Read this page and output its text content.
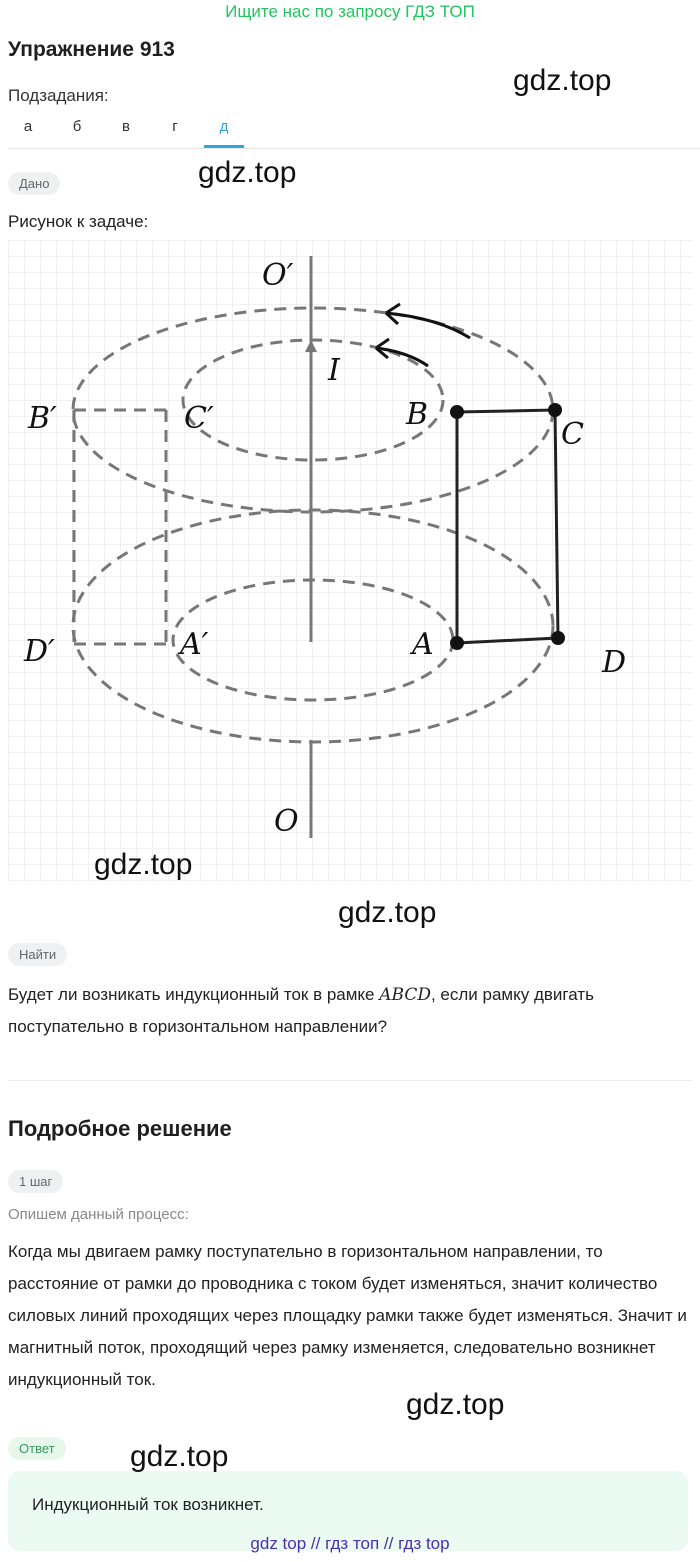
Ищите нас по запросу ГДЗ ТОП
Упражнение 913
gdz.top
Подзадания:
а	б	в	г	д
Дано	gdz.top
Рисунок к задаче:
O′
I
B′	C′	B
C
D′	A′	A
D
O
gdz.top
gdz.top
Найти
Будет ли возникать индукционный ток в рамке ABCD, если рамку двигать поступательно в горизонтальном направлении?
Подробное решение
1 шаг
Опишем данный процесс:
Когда мы двигаем рамку поступательно в горизонтальном направлении, то расстояние от рамки до проводника с током будет изменяться, значит количество силовых линий проходящих через площадку рамки также будет изменяться. Значит и магнитный поток, проходящий через рамку изменяется, следовательно возникнет индукционный ток.
gdz.top
Ответ
Индукционный ток возникнет.
gdz.top
gdz top // гдз топ // гдз top
